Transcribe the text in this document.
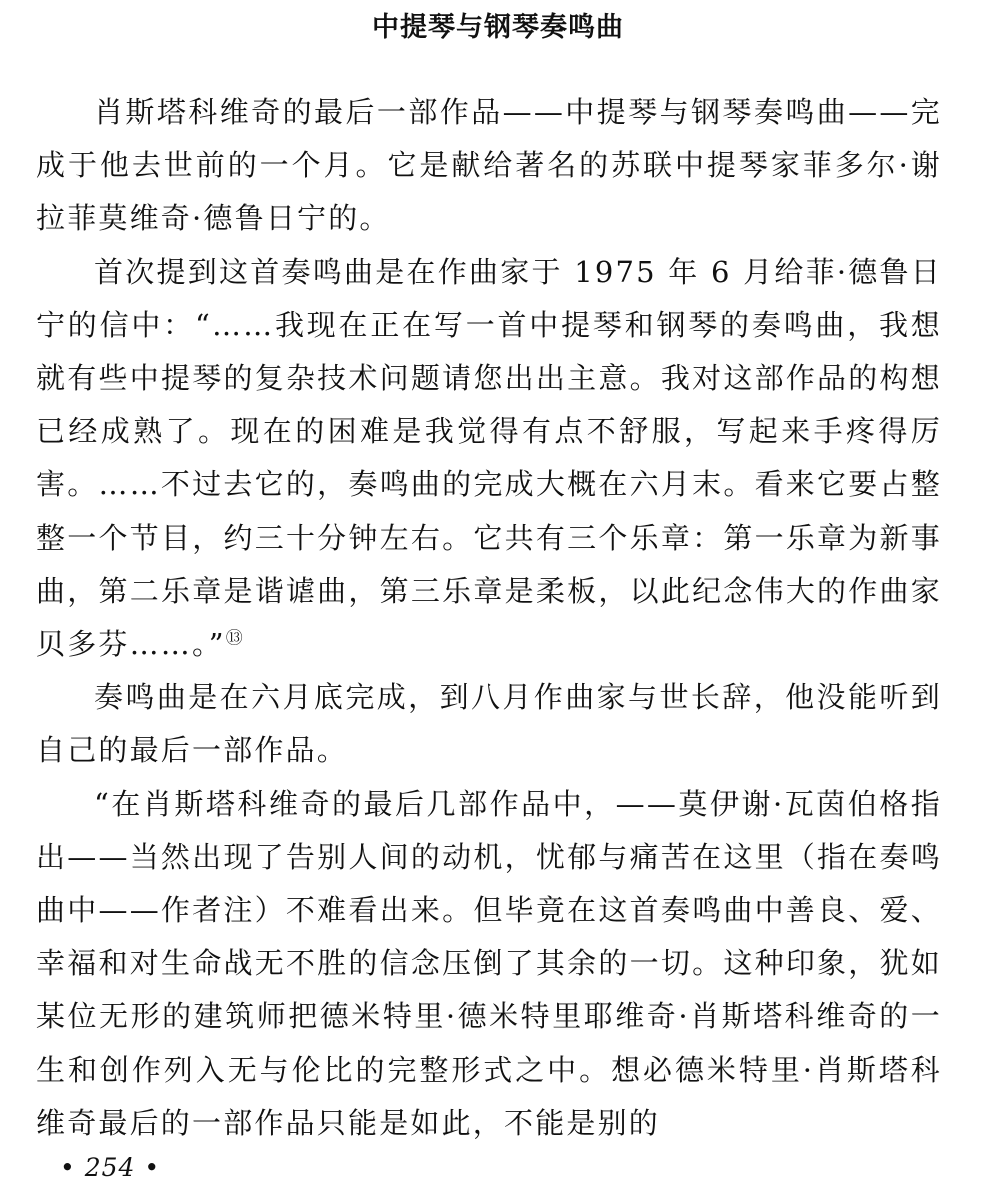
中提琴与钢琴奏鸣曲

肖斯塔科维奇的最后一部作品——中提琴与钢琴奏鸣曲——完成于他去世前的一个月。它是献给著名的苏联中提琴家菲多尔·谢拉菲莫维奇·德鲁日宁的。

首次提到这首奏鸣曲是在作曲家于 1975 年 6 月给菲·德鲁日宁的信中：“……我现在正在写一首中提琴和钢琴的奏鸣曲，我想就有些中提琴的复杂技术问题请您出出主意。我对这部作品的构想已经成熟了。现在的困难是我觉得有点不舒服，写起来手疼得厉害。……不过去它的，奏鸣曲的完成大概在六月末。看来它要占整整一个节目，约三十分钟左右。它共有三个乐章：第一乐章为新事曲，第二乐章是谐谑曲，第三乐章是柔板，以此纪念伟大的作曲家贝多芬……。”⑬

奏鸣曲是在六月底完成，到八月作曲家与世长辞，他没能听到自己的最后一部作品。

“在肖斯塔科维奇的最后几部作品中，——莫伊谢·瓦茵伯格指出——当然出现了告别人间的动机，忧郁与痛苦在这里（指在奏鸣曲中——作者注）不难看出来。但毕竟在这首奏鸣曲中善良、爱、幸福和对生命战无不胜的信念压倒了其余的一切。这种印象，犹如某位无形的建筑师把德米特里·德米特里耶维奇·肖斯塔科维奇的一生和创作列入无与伦比的完整形式之中。想必德米特里·肖斯塔科维奇最后的一部作品只能是如此，不能是别的

• 254 •
